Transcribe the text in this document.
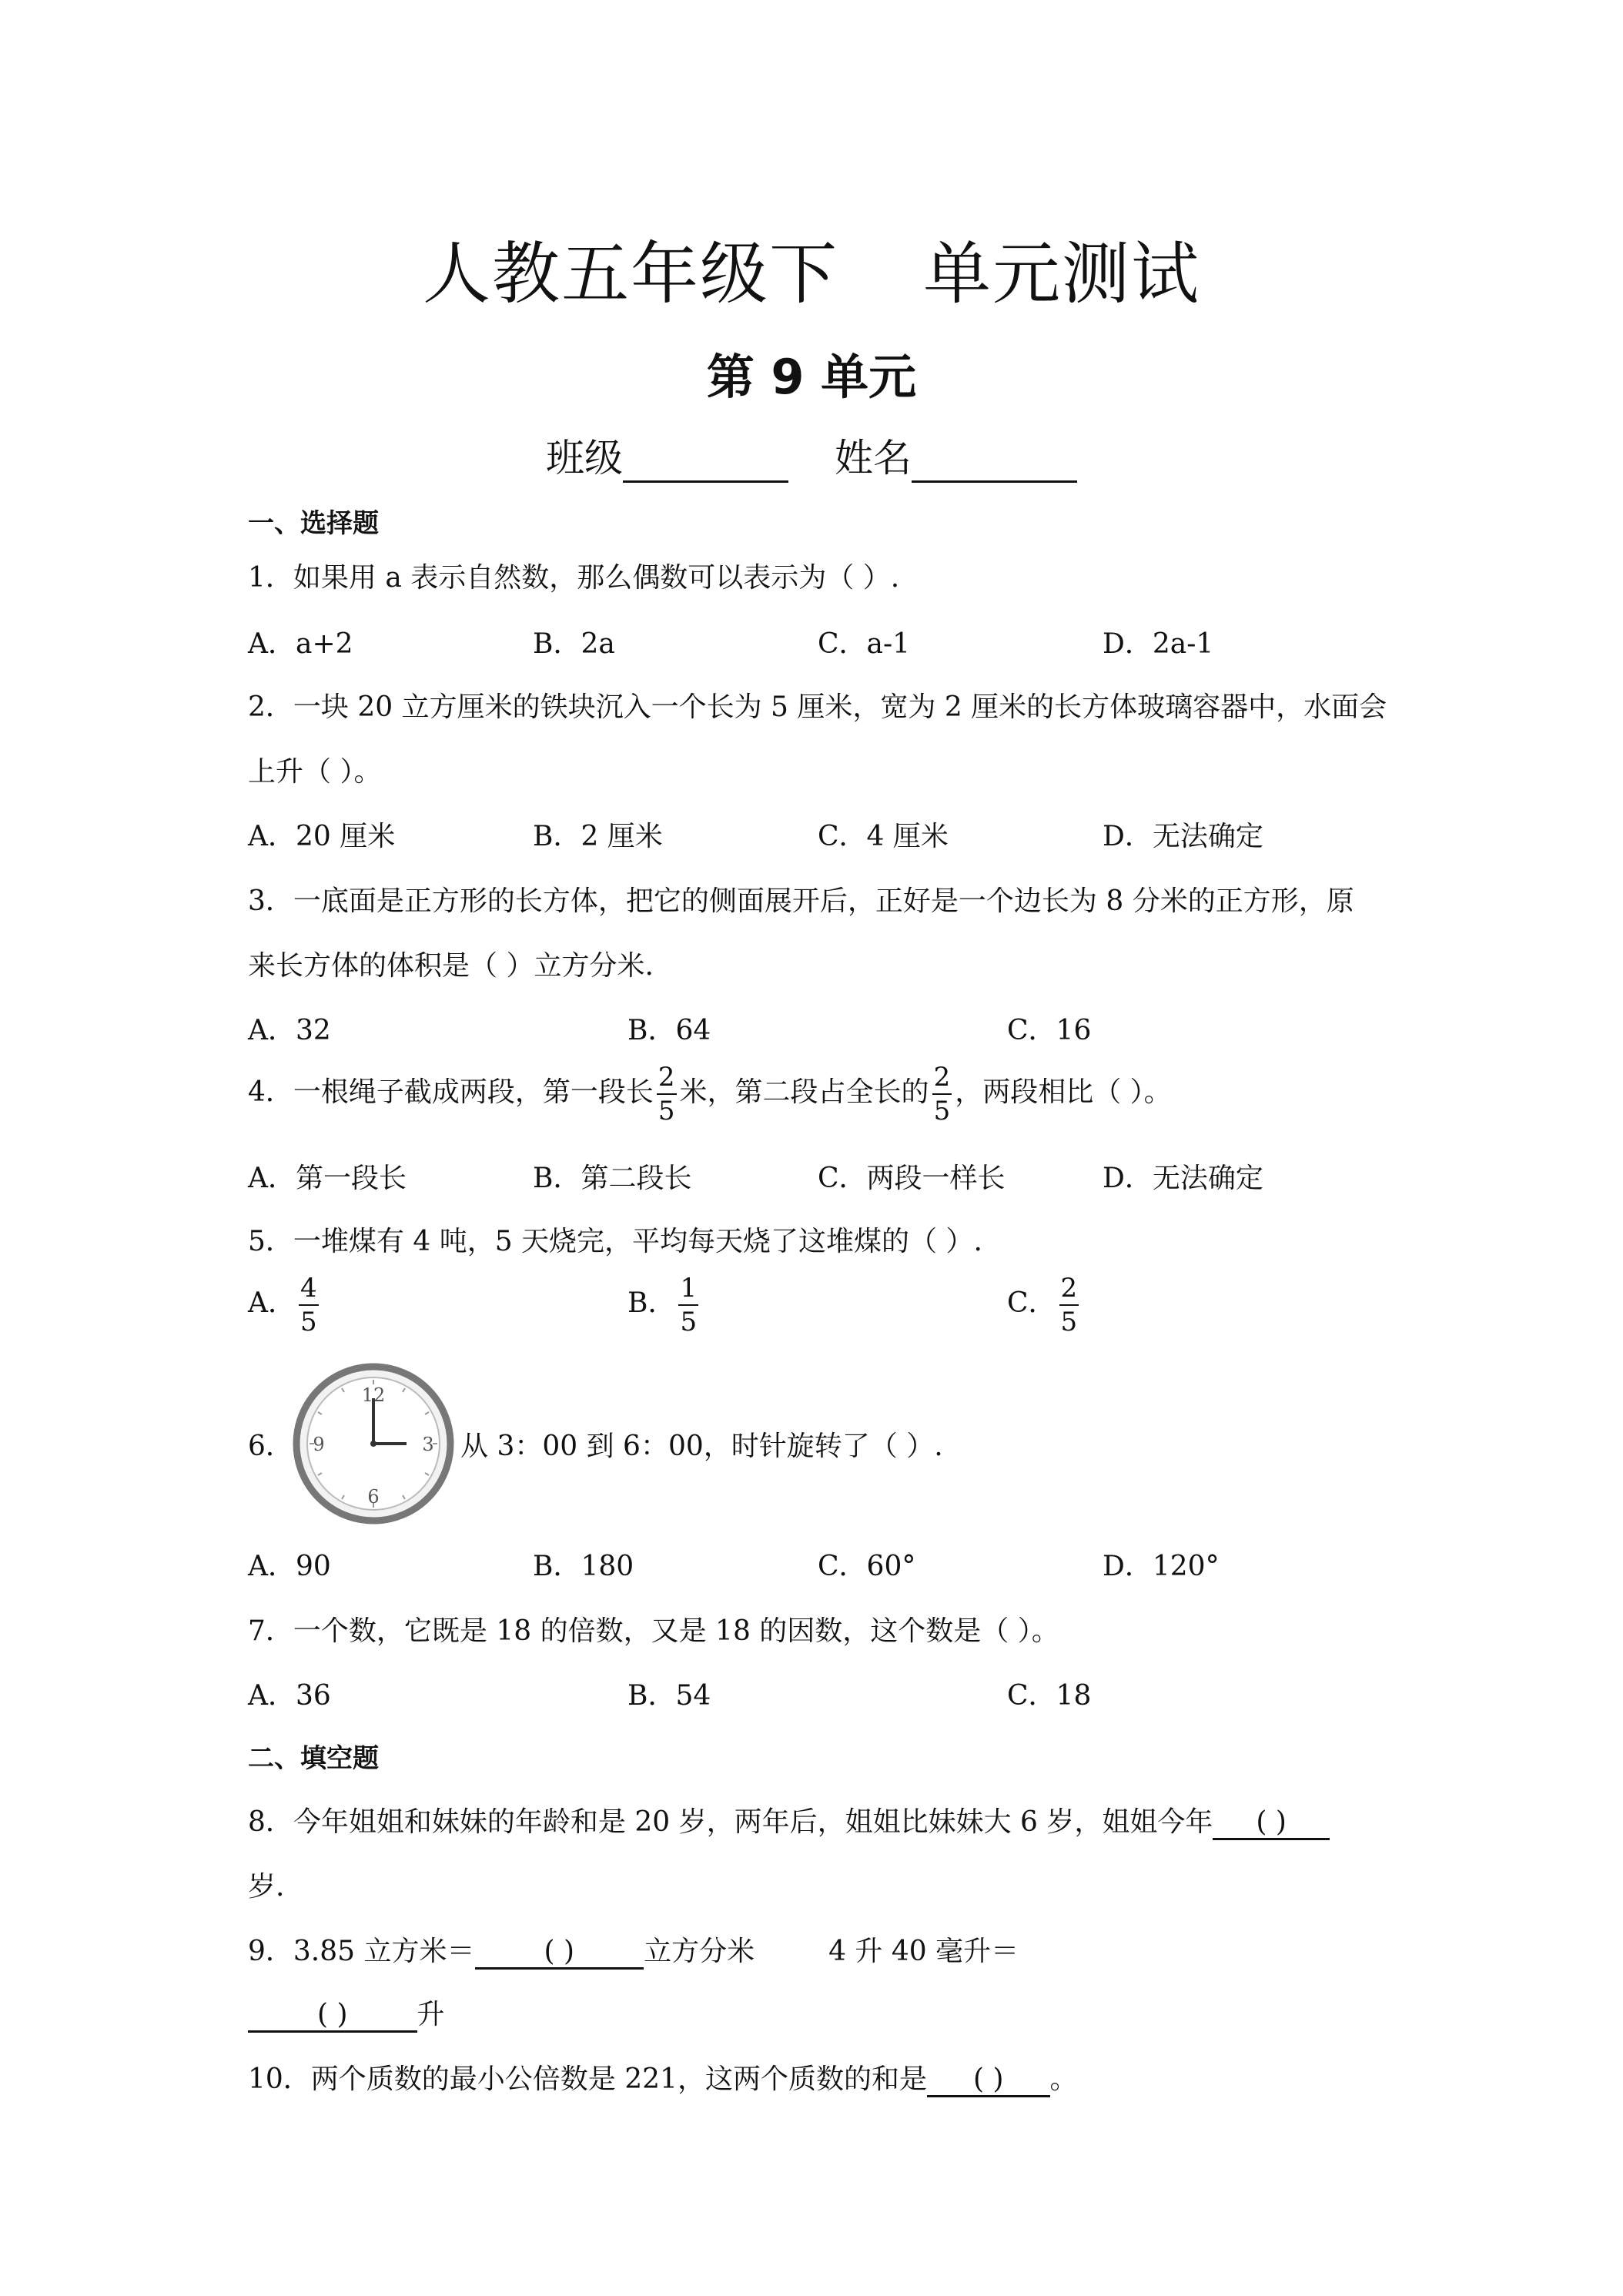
人教五年级下 单元测试
第 9 单元
班级	姓名
一、选择题
1．如果用 a 表示自然数，那么偶数可以表示为（ ）.
A．a+2	B．2a	C．a-1	D．2a-1
2．一块 20 立方厘米的铁块沉入一个长为 5 厘米，宽为 2 厘米的长方体玻璃容器中，水面会
上升（ ）。
A．20 厘米	B．2 厘米	C．4 厘米	D．无法确定
3．一底面是正方形的长方体，把它的侧面展开后，正好是一个边长为 8 分米的正方形，原
来长方体的体积是（ ）立方分米.
A．32	B．64	C．16
4．一根绳子截成两段，第一段长 $\frac{2}{5}$ 米，第二段占全长的 $\frac{2}{5}$ ，两段相比（ ）。
A．第一段长	B．第二段长	C．两段一样长	D．无法确定
5．一堆煤有 4 吨，5 天烧完，平均每天烧了这堆煤的（ ）.
A． $\frac{4}{5}$	B． $\frac{1}{5}$	C． $\frac{2}{5}$
6．
12
3
6
9	从 3：00 到 6：00，时针旋转了（ ）.
A．90	B．180	C．60°	D．120°
7．一个数，它既是 18 的倍数，又是 18 的因数，这个数是（ ）。
A．36	B．54	C．18
二、填空题
8．今年姐姐和妹妹的年龄和是 20 岁，两年后，姐姐比妹妹大 6 岁，姐姐今年 ( )
岁.
9．3.85 立方米＝	( )	立方分米	4 升 40 毫升＝
( )	升
10．两个质数的最小公倍数是 221，这两个质数的和是 ( ) 。
